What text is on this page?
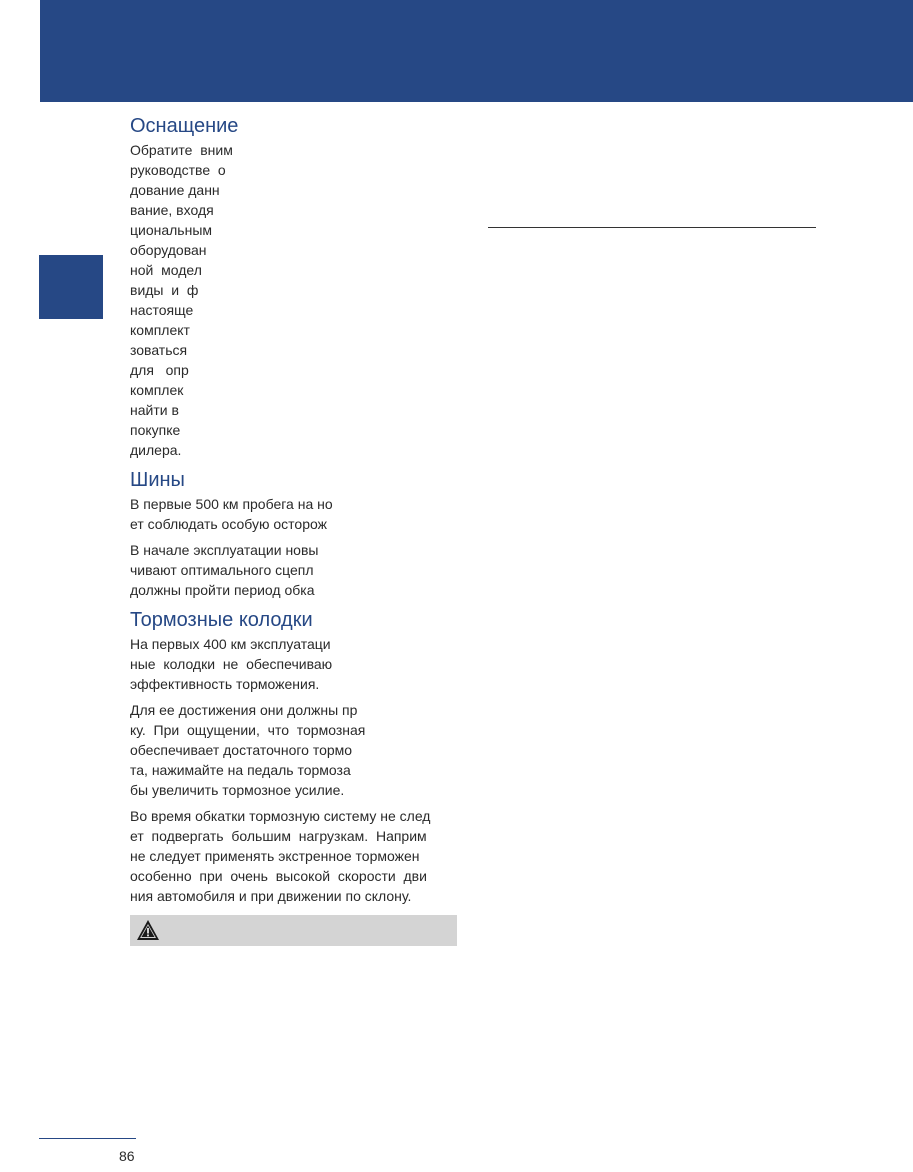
Оснащение
Обратите  вним
руководстве  о
дование данн
вание, входя
циональным
оборудован
ной  модел
виды  и  ф
настояще
комплект
зоваться
для   опр
комплек
найти в
покупке
дилера.
Шины
В первые 500 км пробега на но
ет соблюдать особую осторож
В начале эксплуатации новы
чивают оптимального сцепл
должны пройти период обка
Тормозные колодки
На первых 400 км эксплуатаци
ные  колодки  не  обеспечиваю
эффективность торможения.
Для ее достижения они должны пр
ку.  При  ощущении,  что  тормозная
обеспечивает достаточного тормо
та, нажимайте на педаль тормоза
бы увеличить тормозное усилие.
Во время обкатки тормозную систему не след
ет  подвергать  большим  нагрузкам.  Наприм
не следует применять экстренное торможен
особенно  при  очень  высокой  скорости  дви
ния автомобиля и при движении по склону.
86
